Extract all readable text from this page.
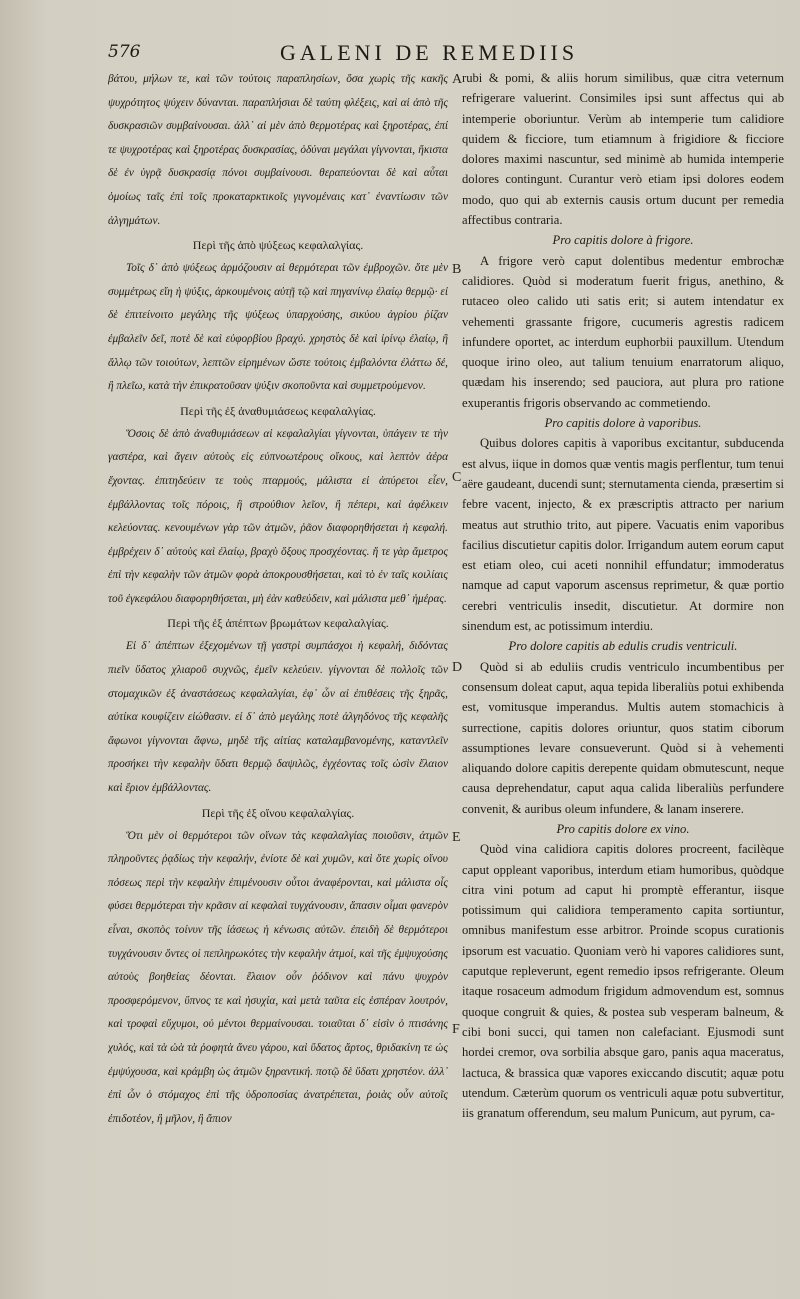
576	GALENI DE REMEDIIS

βάτου, μήλων τε, καὶ τῶν τούτοις παραπλησίων, ὅσα χωρὶς τῆς κακῆς ψυχρότητος ψύχειν δύνανται. παραπλήσιαι δὲ ταύτη φλέξεις, καὶ αἱ ἀπὸ τῆς δυσκρασιῶν συμβαίνουσαι. ἀλλ᾽ αἱ μὲν ἀπὸ θερμοτέρας καὶ ξηροτέρας, ἐπί τε ψυχροτέρας καὶ ξηροτέρας δυσκρασίας, ὀδύναι μεγάλαι γίγνονται, ἥκιστα δὲ ἐν ὑγρᾷ δυσκρασίᾳ πόνοι συμβαίνουσι. θεραπεύονται δὲ καὶ αὗται ὁμοίως ταῖς ἐπὶ τοῖς προκαταρκτικοῖς γιγνομέναις κατ᾽ ἐναντίωσιν τῶν ἀλγημάτων.

Περὶ τῆς ἀπὸ ψύξεως κεφαλαλγίας.

Τοῖς δ᾽ ἀπὸ ψύξεως ἁρμόζουσιν αἱ θερμότεραι τῶν ἐμβροχῶν. ὅτε μὲν συμμέτρως εἴη ἡ ψύξις, ἀρκουμένοις αὐτῇ τῷ καὶ πηγανίνῳ ἐλαίῳ θερμῷ· εἰ δὲ ἐπιτείνοιτο μεγάλης τῆς ψύξεως ὑπαρχούσης, σικύου ἀγρίου ῥίζαν ἐμβαλεῖν δεῖ, ποτὲ δὲ καὶ εὐφορβίου βραχύ. χρηστὸς δὲ καὶ ἰρίνῳ ἐλαίῳ, ἢ ἄλλῳ τῶν τοιούτων, λεπτῶν εἰρημένων ὥστε τούτοις ἐμβαλόντα ἐλάττω δέ, ἢ πλεῖω, κατὰ τὴν ἐπικρατοῦσαν ψύξιν σκοποῦντα καὶ συμμετρούμενον.

Περὶ τῆς ἐξ ἀναθυμιάσεως κεφαλαλγίας.

Ὅσοις δὲ ἀπὸ ἀναθυμιάσεων αἱ κεφαλαλγίαι γίγνονται, ὑπάγειν τε τὴν γαστέρα, καὶ ἄγειν αὐτοὺς εἰς εὐπνοωτέρους οἴκους, καὶ λεπτὸν ἀέρα ἔχοντας. ἐπιτηδεύειν τε τοὺς πταρμούς, μάλιστα εἰ ἀπύρετοι εἶεν, ἐμβάλλοντας τοῖς πόροις, ἢ στρούθιον λεῖον, ἢ πέπερι, καὶ ἀφέλκειν κελεύοντας. κενουμένων γὰρ τῶν ἀτμῶν, ῥᾶον διαφορηθήσεται ἡ κεφαλή. ἐμβρέχειν δ᾽ αὐτοὺς καὶ ἐλαίῳ, βραχὺ ὄξους προσχέοντας. ἥ τε γὰρ ἄμετρος ἐπὶ τὴν κεφαλὴν τῶν ἀτμῶν φορὰ ἀποκρουσθήσεται, καὶ τὸ ἐν ταῖς κοιλίαις τοῦ ἐγκεφάλου διαφορηθήσεται, μὴ ἐὰν καθεύδειν, καὶ μάλιστα μεθ᾽ ἡμέρας.

Περὶ τῆς ἐξ ἀπέπτων βρωμάτων κεφαλαλγίας.

Εἰ δ᾽ ἀπέπτων ἐξεχομένων τῇ γαστρὶ συμπάσχοι ἡ κεφαλή, διδόντας πιεῖν ὕδατος χλιαροῦ συχνῶς, ἐμεῖν κελεύειν. γίγνονται δὲ πολλοῖς τῶν στομαχικῶν ἐξ ἀναστάσεως κεφαλαλγίαι, ἐφ᾽ ὧν αἱ ἐπιθέσεις τῆς ξηρᾶς, αὐτίκα κουφίζειν εἰώθασιν. εἰ δ᾽ ἀπὸ μεγάλης ποτὲ ἀλγηδόνος τῆς κεφαλῆς ἄφωνοι γίγνονται ἄφνω, μηδὲ τῆς αἰτίας καταλαμβανομένης, καταντλεῖν προσήκει τὴν κεφαλὴν ὕδατι θερμῷ δαψιλῶς, ἐγχέοντας τοῖς ὠσὶν ἔλαιον καὶ ἔριον ἐμβάλλοντας.

Περὶ τῆς ἐξ οἴνου κεφαλαλγίας.

Ὅτι μὲν οἱ θερμότεροι τῶν οἴνων τὰς κεφαλαλγίας ποιοῦσιν, ἀτμῶν πληροῦντες ῥᾳδίως τὴν κεφαλήν, ἐνίοτε δὲ καὶ χυμῶν, καὶ ὅτε χωρὶς οἴνου πόσεως περὶ τὴν κεφαλὴν ἐπιμένουσιν οὗτοι ἀναφέρονται, καὶ μάλιστα οἷς φύσει θερμότεραι τὴν κρᾶσιν αἱ κεφαλαὶ τυγχάνουσιν, ἅπασιν οἶμαι φανερὸν εἶναι, σκοπὸς τοίνυν τῆς ἰάσεως ἡ κένωσις αὐτῶν. ἐπειδὴ δὲ θερμότεροι τυγχάνουσιν ὄντες οἱ πεπληρωκότες τὴν κεφαλὴν ἀτμοί, καὶ τῆς ἐμψυχούσης αὐτοὺς βοηθείας δέονται. ἔλαιον οὖν ῥόδινον καὶ πάνυ ψυχρὸν προσφερόμενον, ὕπνος τε καὶ ἡσυχία, καὶ μετὰ ταῦτα εἰς ἑσπέραν λουτρόν, καὶ τροφαὶ εὔχυμοι, οὐ μέντοι θερμαίνουσαι. τοιαῦται δ᾽ εἰσὶν ὁ πτισάνης χυλός, καὶ τὰ ὠὰ τὰ ῥοφητὰ ἄνευ γάρου, καὶ ὕδατος ἄρτος, θριδακίνη τε ὡς ἐμψύχουσα, καὶ κράμβη ὡς ἀτμῶν ξηραντική. ποτῷ δὲ ὕδατι χρηστέον. ἀλλ᾽ ἐπὶ ὧν ὁ στόμαχος ἐπὶ τῆς ὑδροποσίας ἀνατρέπεται, ῥοιὰς οὖν αὐτοῖς ἐπιδοτέον, ἢ μῆλον, ἢ ἄπιον

rubi & pomi, & aliis horum similibus, quæ citra veternum refrigerare valuerint. Consimiles ipsi sunt affectus qui ab intemperie oboriuntur. Verùm ab intemperie tum calidiore quidem & ficciore, tum etiamnum à frigidiore & ficciore dolores maximi nascuntur, sed minimè ab humida intemperie dolores contingunt. Curantur verò etiam ipsi dolores eodem modo, quo qui ab externis causis ortum ducunt per remedia affectibus contraria.

Pro capitis dolore à frigore.

A frigore verò caput dolentibus medentur embrochæ calidiores. Quòd si moderatum fuerit frigus, anethino, & rutaceo oleo calido uti satis erit; si autem intendatur ex vehementi grassante frigore, cucumeris agrestis radicem infundere oportet, ac interdum euphorbii pauxillum. Utendum quoque irino oleo, aut talium tenuium enarratorum aliquo, quædam his inserendo; sed pauciora, aut plura pro ratione exuperantis frigoris observando ac commetiendo.

Pro capitis dolore à vaporibus.

Quibus dolores capitis à vaporibus excitantur, subducenda est alvus, iique in domos quæ ventis magis perflentur, tum tenui aëre gaudeant, ducendi sunt; sternutamenta cienda, præsertim si febre vacent, injecto, & ex præscriptis attracto per narium meatus aut struthio trito, aut pipere. Vacuatis enim vaporibus facilius discutietur capitis dolor. Irrigandum autem eorum caput est etiam oleo, cui aceti nonnihil effundatur; immoderatus namque ad caput vaporum ascensus reprimetur, & quæ portio cerebri ventriculis insedit, discutietur. At dormire non sinendum est, ac potissimum interdiu.

Pro dolore capitis ab edulis crudis ventriculi.

Quòd si ab eduliis crudis ventriculo incumbentibus per consensum doleat caput, aqua tepida liberaliùs potui exhibenda est, vomitusque imperandus. Multis autem stomachicis à surrectione, capitis dolores oriuntur, quos statim ciborum assumptiones levare consueverunt. Quòd si à vehementi aliquando dolore capitis derepente quidam obmutescunt, neque causa deprehendatur, caput aqua calida liberaliùs perfundere convenit, & auribus oleum infundere, & lanam inserere.

Pro capitis dolore ex vino.

Quòd vina calidiora capitis dolores procreent, facilèque caput oppleant vaporibus, interdum etiam humoribus, quòdque citra vini potum ad caput hi promptè efferantur, iisque potissimum qui calidiora temperamento capita sortiuntur, omnibus manifestum esse arbitror. Proinde scopus curationis ipsorum est vacuatio. Quoniam verò hi vapores calidiores sunt, caputque repleverunt, egent remedio ipsos refrigerante. Oleum itaque rosaceum admodum frigidum admovendum est, somnus quoque congruit & quies, & postea sub vesperam balneum, & cibi boni succi, qui tamen non calefaciant. Ejusmodi sunt hordei cremor, ova sorbilia absque garo, panis aqua maceratus, lactuca, & brassica quæ vapores exiccando discutit; aquæ potu utendum. Cæterùm quorum os ventriculi aquæ potu subvertitur, iis granatum offerendum, seu malum Punicum, aut pyrum, ca-

A
B
C
D
E
F
